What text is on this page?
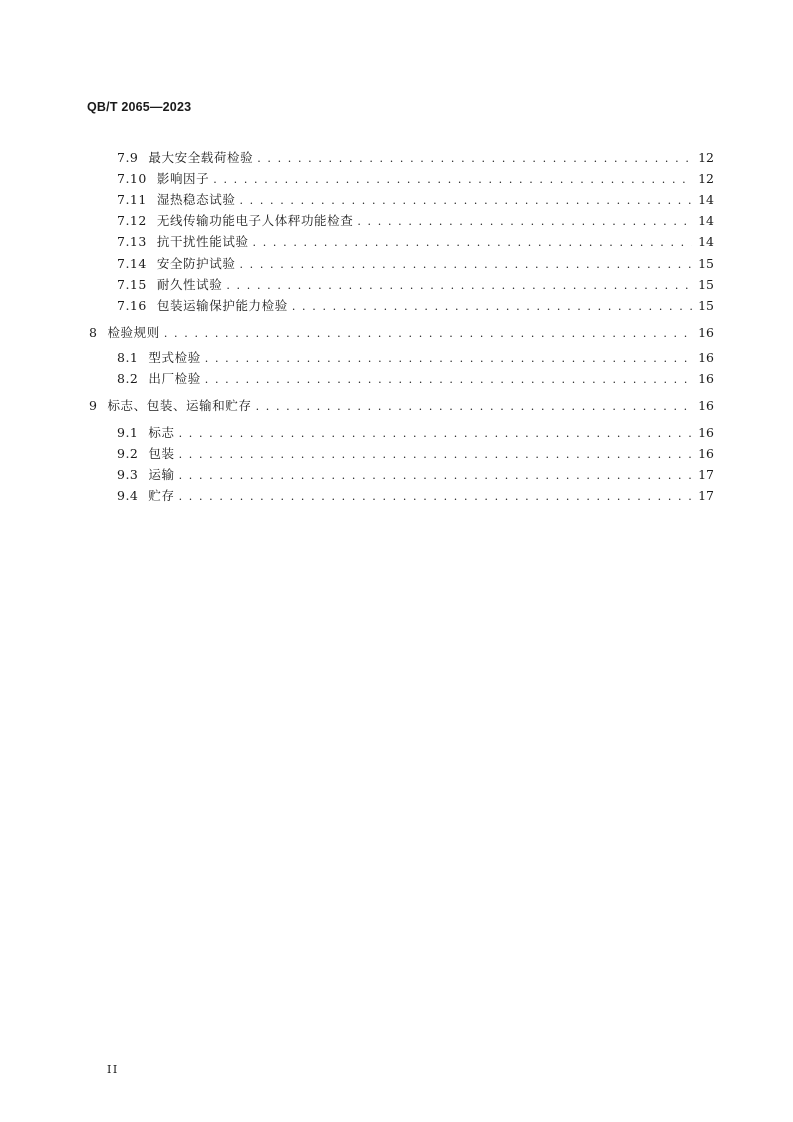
QB/T 2065—2023
7.9 最大安全载荷检验 . . .	12
7.10 影响因子 . . .	12
7.11 湿热稳态试验 . . .	14
7.12 无线传输功能电子人体秤功能检查 . . .	14
7.13 抗干扰性能试验 . . .	14
7.14 安全防护试验 . . .	15
7.15 耐久性试验 . . .	15
7.16 包装运输保护能力检验 . . .	15
8 检验规则 . . .	16
8.1 型式检验 . . .	16
8.2 出厂检验 . . .	16
9 标志、包装、运输和贮存 . . .	16
9.1 标志 . . .	16
9.2 包装 . . .	16
9.3 运输 . . .	17
9.4 贮存 . . .	17
II
